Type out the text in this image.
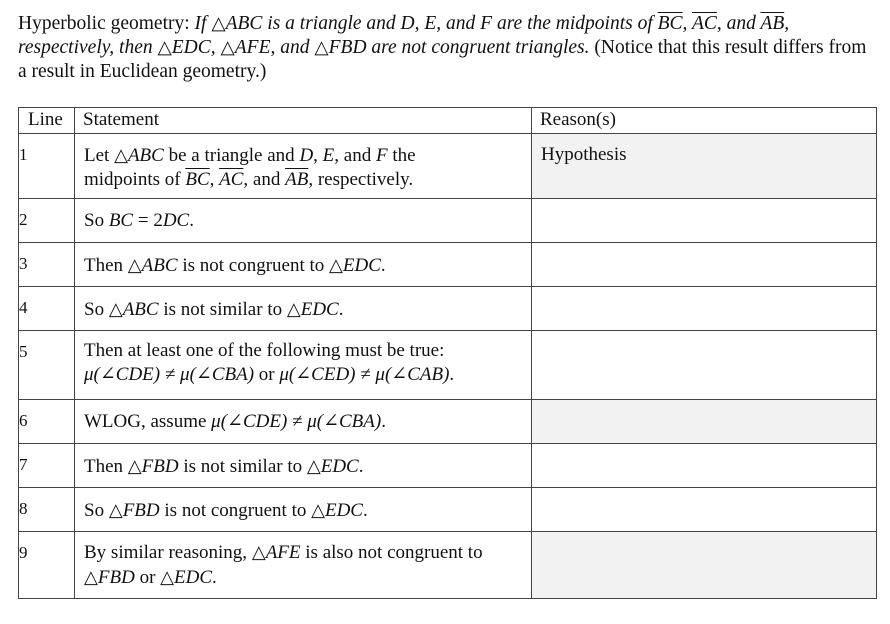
Hyperbolic geometry: If △ABC is a triangle and D, E, and F are the midpoints of $\overline{BC}$, $\overline{AC}$, and $\overline{AB}$, respectively, then △EDC, △AFE, and △FBD are not congruent triangles. (Notice that this result differs from a result in Euclidean geometry.)
Line	Statement	Reason(s)

1	Let △ABC be a triangle and D, E, and F the
midpoints of $\overline{BC}$, $\overline{AC}$, and $\overline{AB}$, respectively.	Hypothesis

2	So BC = 2DC.	

3	Then △ABC is not congruent to △EDC.	

4	So △ABC is not similar to △EDC.	

5	Then at least one of the following must be true:
μ(∠CDE) ≠ μ(∠CBA) or μ(∠CED) ≠ μ(∠CAB).	

6	WLOG, assume μ(∠CDE) ≠ μ(∠CBA).	

7	Then △FBD is not similar to △EDC.	

8	So △FBD is not congruent to △EDC.	

9	By similar reasoning, △AFE is also not congruent to
△FBD or △EDC.	
